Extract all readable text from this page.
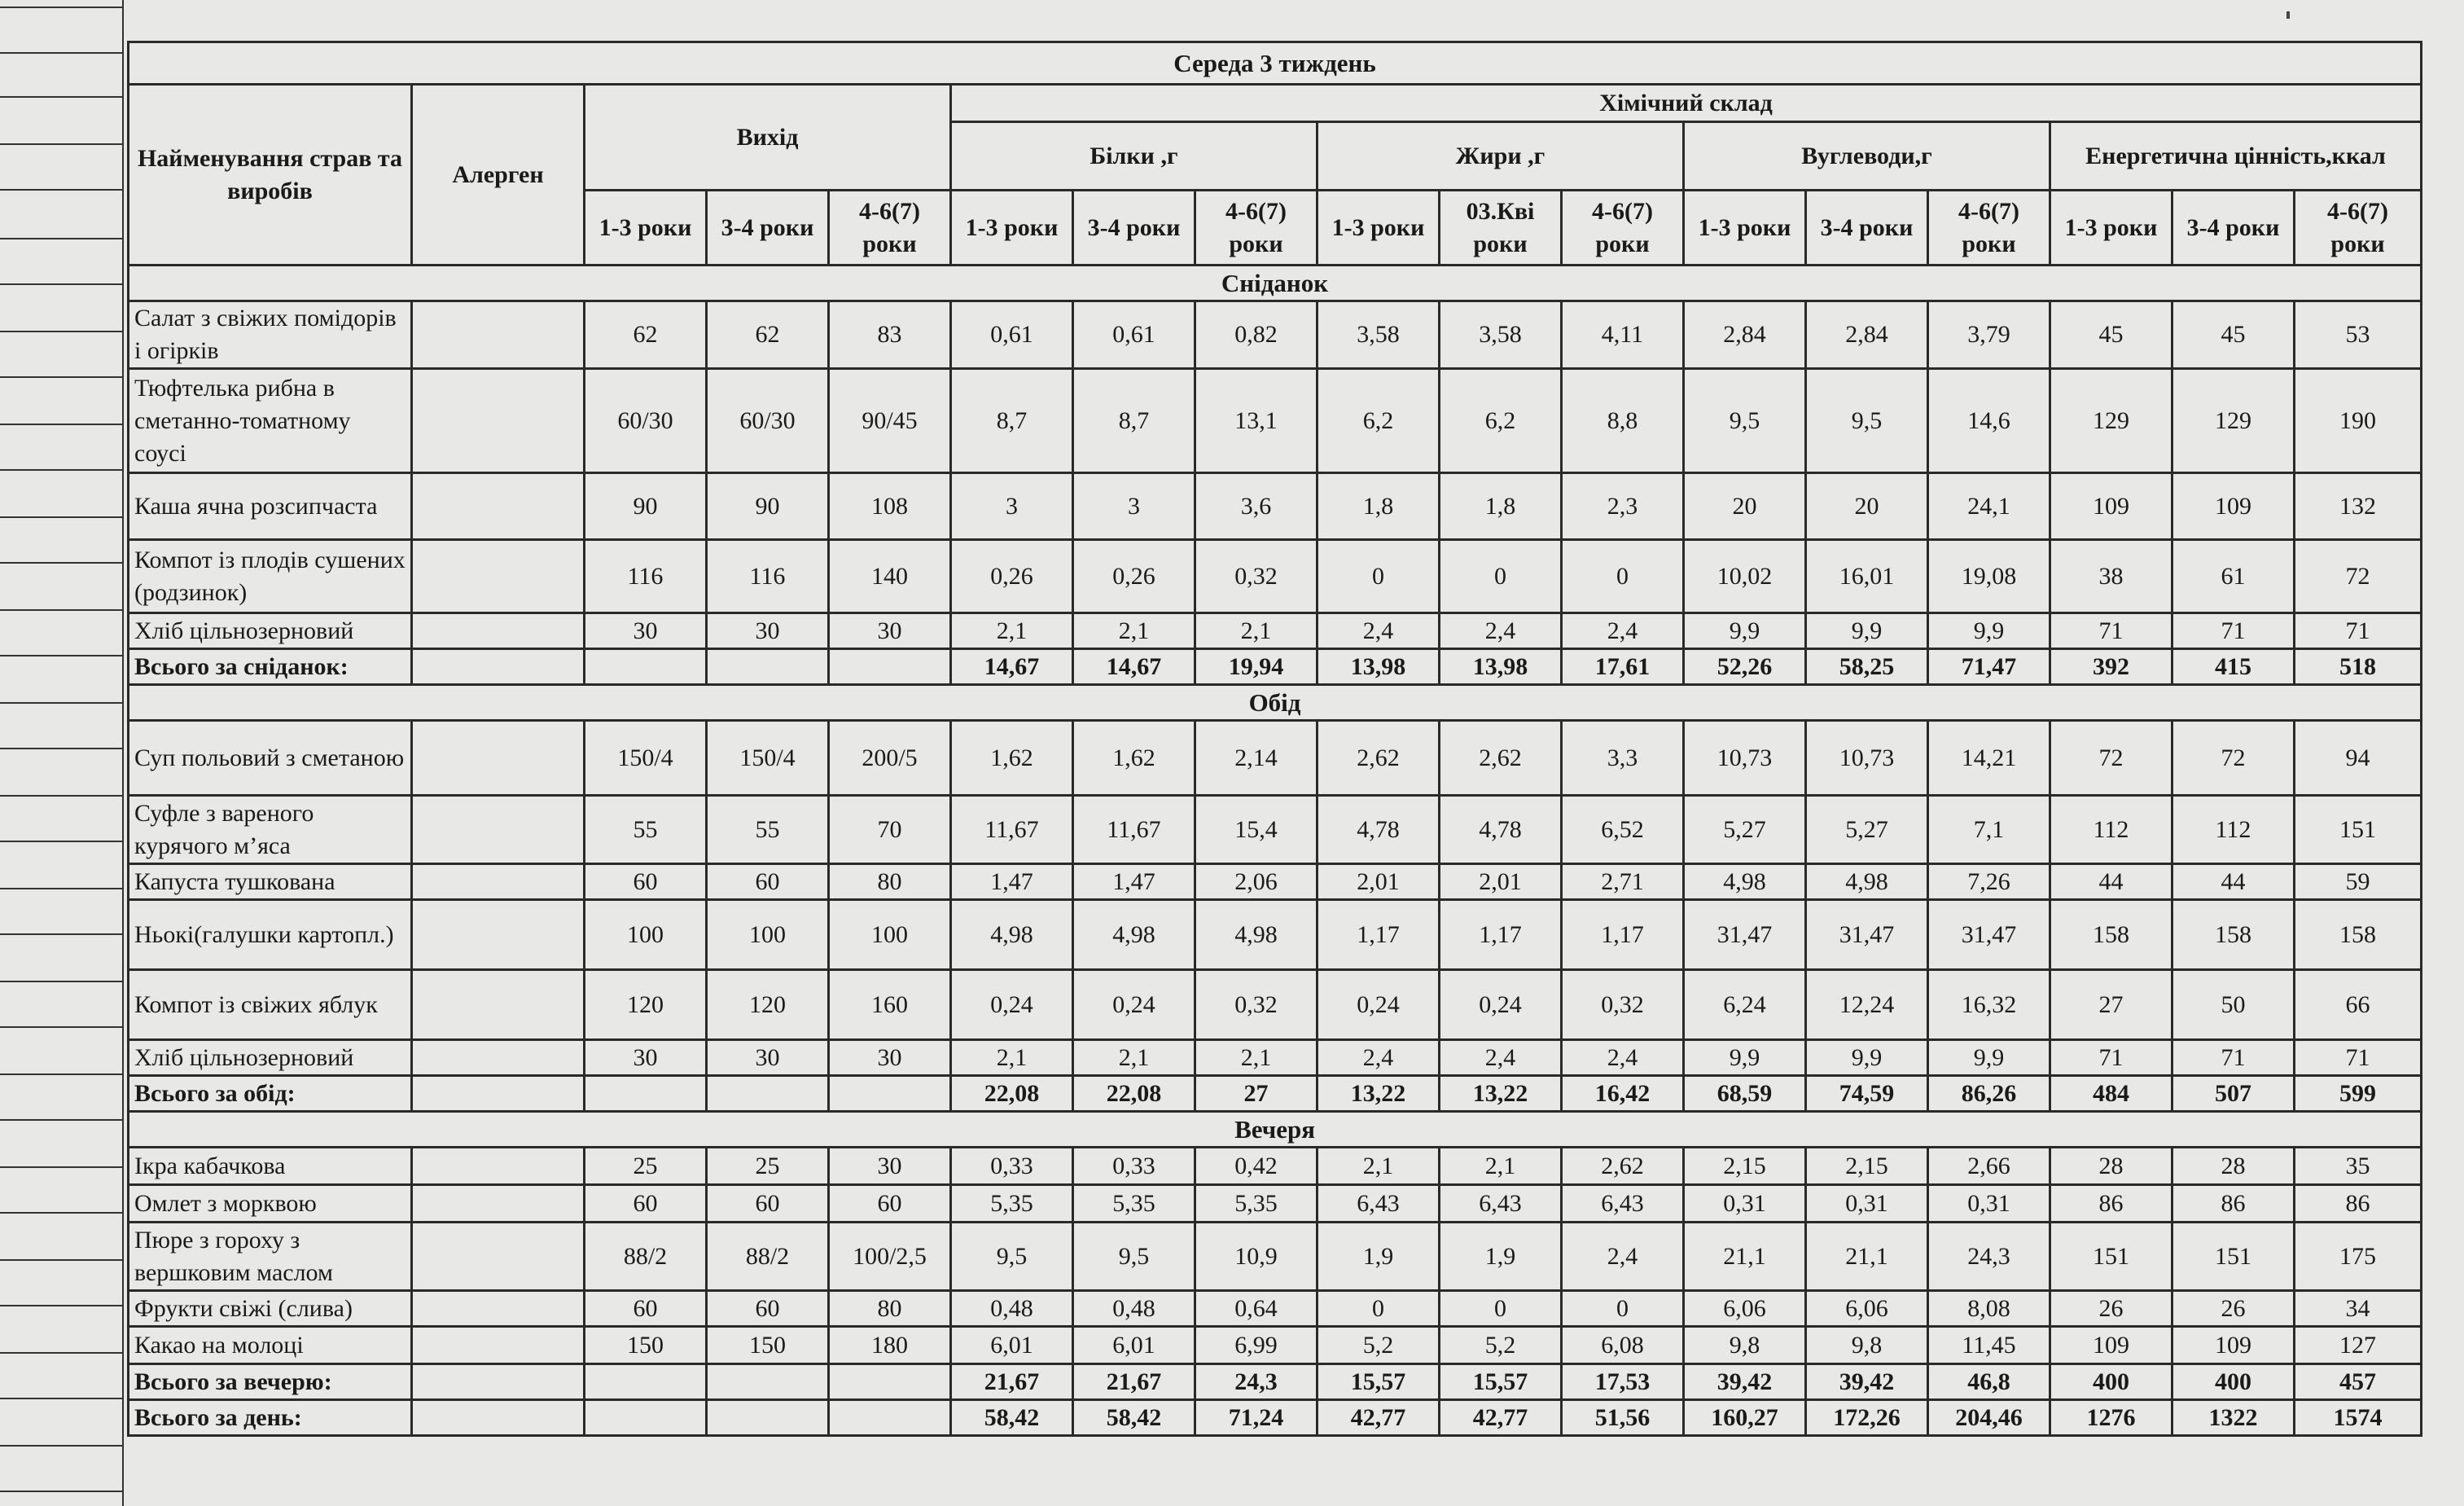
Середа 3 тиждень																
Найменування страв та виробів	Алерген	Вихід			Хімічний склад											
					Білки ,г			Жири ,г			Вуглеводи,г			Енергетична цінність,ккал		
		1-3 роки	3-4 роки	4-6(7) роки	1-3 роки	3-4 роки	4-6(7) роки	1-3 роки	03.Кві роки	4-6(7) роки	1-3 роки	3-4 роки	4-6(7) роки	1-3 роки	3-4 роки	4-6(7) роки
Сніданок																
Салат з свіжих помідорів і огірків		62	62	83	0,61	0,61	0,82	3,58	3,58	4,11	2,84	2,84	3,79	45	45	53
Тюфтелька рибна в сметанно-томатному соусі		60/30	60/30	90/45	8,7	8,7	13,1	6,2	6,2	8,8	9,5	9,5	14,6	129	129	190
Каша ячна розсипчаста		90	90	108	3	3	3,6	1,8	1,8	2,3	20	20	24,1	109	109	132
Компот із плодів сушених (родзинок)		116	116	140	0,26	0,26	0,32	0	0	0	10,02	16,01	19,08	38	61	72
Хліб цільнозерновий		30	30	30	2,1	2,1	2,1	2,4	2,4	2,4	9,9	9,9	9,9	71	71	71
Всього за сніданок:					14,67	14,67	19,94	13,98	13,98	17,61	52,26	58,25	71,47	392	415	518
Обід																
Суп польовий з сметаною		150/4	150/4	200/5	1,62	1,62	2,14	2,62	2,62	3,3	10,73	10,73	14,21	72	72	94
Суфле з вареного курячого м’яса		55	55	70	11,67	11,67	15,4	4,78	4,78	6,52	5,27	5,27	7,1	112	112	151
Капуста тушкована		60	60	80	1,47	1,47	2,06	2,01	2,01	2,71	4,98	4,98	7,26	44	44	59
Ньокі(галушки картопл.)		100	100	100	4,98	4,98	4,98	1,17	1,17	1,17	31,47	31,47	31,47	158	158	158
Компот із свіжих яблук		120	120	160	0,24	0,24	0,32	0,24	0,24	0,32	6,24	12,24	16,32	27	50	66
Хліб цільнозерновий		30	30	30	2,1	2,1	2,1	2,4	2,4	2,4	9,9	9,9	9,9	71	71	71
Всього за обід:					22,08	22,08	27	13,22	13,22	16,42	68,59	74,59	86,26	484	507	599
Вечеря																
Ікра кабачкова		25	25	30	0,33	0,33	0,42	2,1	2,1	2,62	2,15	2,15	2,66	28	28	35
Омлет з морквою		60	60	60	5,35	5,35	5,35	6,43	6,43	6,43	0,31	0,31	0,31	86	86	86
Пюре з гороху з вершковим маслом		88/2	88/2	100/2,5	9,5	9,5	10,9	1,9	1,9	2,4	21,1	21,1	24,3	151	151	175
Фрукти свіжі (слива)		60	60	80	0,48	0,48	0,64	0	0	0	6,06	6,06	8,08	26	26	34
Какао на молоці		150	150	180	6,01	6,01	6,99	5,2	5,2	6,08	9,8	9,8	11,45	109	109	127
Всього за вечерю:					21,67	21,67	24,3	15,57	15,57	17,53	39,42	39,42	46,8	400	400	457
Всього за день:					58,42	58,42	71,24	42,77	42,77	51,56	160,27	172,26	204,46	1276	1322	1574
